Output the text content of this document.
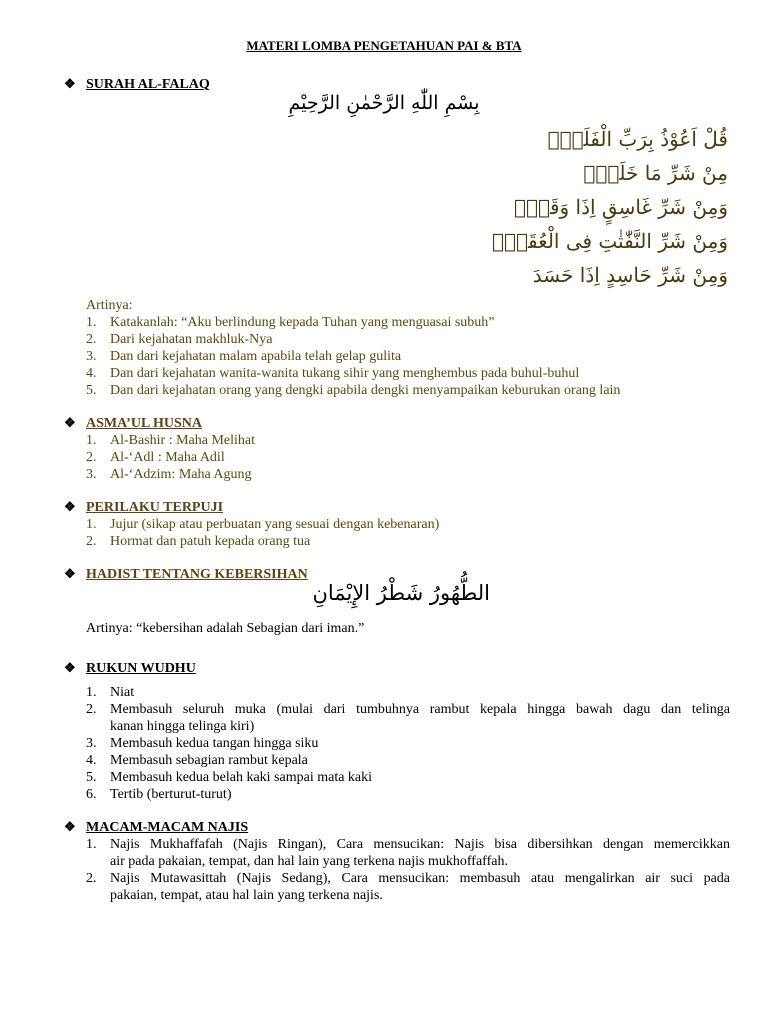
MATERI LOMBA PENGETAHUAN PAI & BTA
❖ SURAH AL-FALAQ
بِسْمِ اللّٰهِ الرَّحْمٰنِ الرَّحِيْمِ
قُلْ اَعُوْذُ بِرَبِّ الْفَلَقِۙ
مِنْ شَرِّ مَا خَلَقَۙ
وَمِنْ شَرِّ غَاسِقٍ اِذَا وَقَبَۙ
وَمِنْ شَرِّ النَّفّٰثٰتِ فِى الْعُقَدِۙ
وَمِنْ شَرِّ حَاسِدٍ اِذَا حَسَدَ
Artinya:
1. Katakanlah: “Aku berlindung kepada Tuhan yang menguasai subuh”
2. Dari kejahatan makhluk-Nya
3. Dan dari kejahatan malam apabila telah gelap gulita
4. Dan dari kejahatan wanita-wanita tukang sihir yang menghembus pada buhul-buhul
5. Dan dari kejahatan orang yang dengki apabila dengki menyampaikan keburukan orang lain
❖ ASMA’UL HUSNA
1. Al-Bashir : Maha Melihat
2. Al-‘Adl : Maha Adil
3. Al-‘Adzim: Maha Agung
❖ PERILAKU TERPUJI
1. Jujur (sikap atau perbuatan yang sesuai dengan kebenaran)
2. Hormat dan patuh kepada orang tua
❖ HADIST TENTANG KEBERSIHAN
الطُّهُورُ شَطْرُ الإِيْمَانِ
Artinya: “kebersihan adalah Sebagian dari iman.”
❖ RUKUN WUDHU
1. Niat
2. Membasuh seluruh muka (mulai dari tumbuhnya rambut kepala hingga bawah dagu dan telinga
kanan hingga telinga kiri)
3. Membasuh kedua tangan hingga siku
4. Membasuh sebagian rambut kepala
5. Membasuh kedua belah kaki sampai mata kaki
6. Tertib (berturut-turut)
❖ MACAM-MACAM NAJIS
1. Najis Mukhaffafah (Najis Ringan), Cara mensucikan: Najis bisa dibersihkan dengan memercikkan
air pada pakaian, tempat, dan hal lain yang terkena najis mukhoffaffah.
2. Najis Mutawasittah (Najis Sedang), Cara mensucikan: membasuh atau mengalirkan air suci pada
pakaian, tempat, atau hal lain yang terkena najis.
